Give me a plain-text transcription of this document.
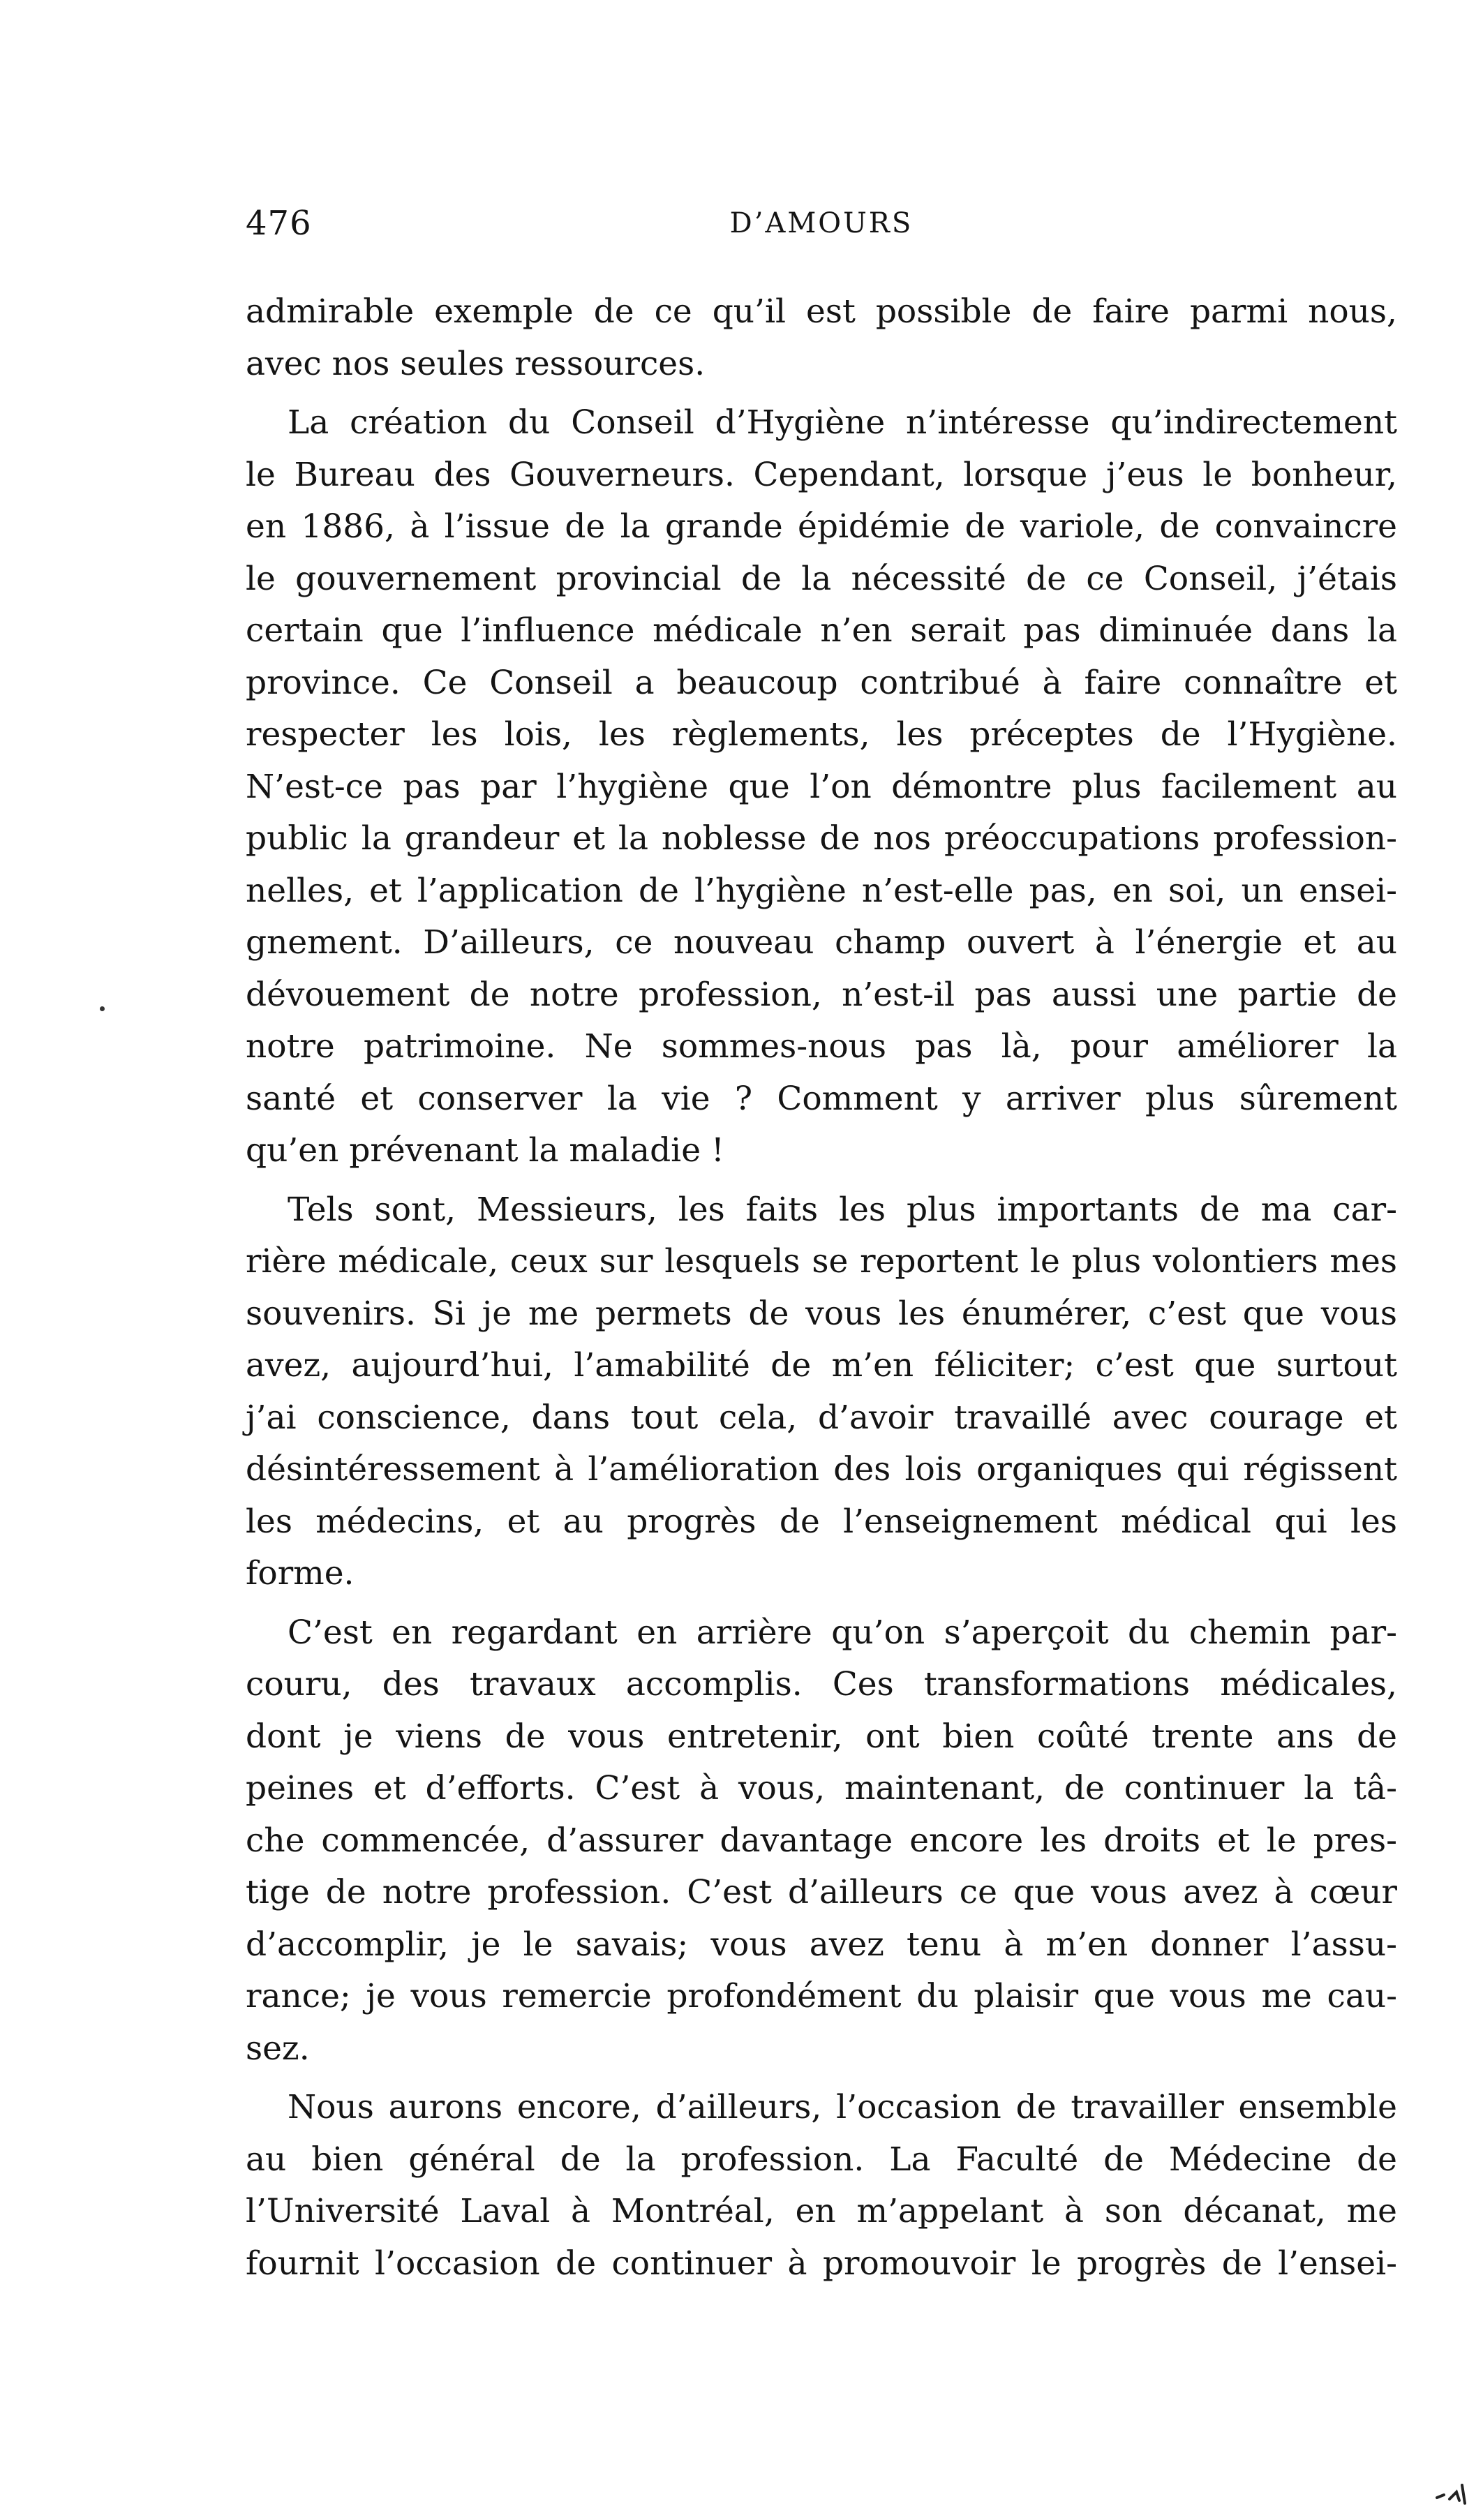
476	D’AMOURS

admirable exemple de ce qu’il est possible de faire parmi nous,
avec nos seules ressources.

La création du Conseil d’Hygiène n’intéresse qu’indirectement
le Bureau des Gouverneurs. Cependant, lorsque j’eus le bonheur,
en 1886, à l’issue de la grande épidémie de variole, de convaincre
le gouvernement provincial de la nécessité de ce Conseil, j’étais
certain que l’influence médicale n’en serait pas diminuée dans la
province. Ce Conseil a beaucoup contribué à faire connaître et
respecter les lois, les règlements, les préceptes de l’Hygiène.
N’est-ce pas par l’hygiène que l’on démontre plus facilement au
public la grandeur et la noblesse de nos préoccupations profession-
nelles, et l’application de l’hygiène n’est-elle pas, en soi, un ensei-
gnement. D’ailleurs, ce nouveau champ ouvert à l’énergie et au
dévouement de notre profession, n’est-il pas aussi une partie de
notre patrimoine. Ne sommes-nous pas là, pour améliorer la
santé et conserver la vie ? Comment y arriver plus sûrement
qu’en prévenant la maladie !

Tels sont, Messieurs, les faits les plus importants de ma car-
rière médicale, ceux sur lesquels se reportent le plus volontiers mes
souvenirs. Si je me permets de vous les énumérer, c’est que vous
avez, aujourd’hui, l’amabilité de m’en féliciter; c’est que surtout
j’ai conscience, dans tout cela, d’avoir travaillé avec courage et
désintéressement à l’amélioration des lois organiques qui régissent
les médecins, et au progrès de l’enseignement médical qui les
forme.

C’est en regardant en arrière qu’on s’aperçoit du chemin par-
couru, des travaux accomplis. Ces transformations médicales,
dont je viens de vous entretenir, ont bien coûté trente ans de
peines et d’efforts. C’est à vous, maintenant, de continuer la tâ-
che commencée, d’assurer davantage encore les droits et le pres-
tige de notre profession. C’est d’ailleurs ce que vous avez à cœur
d’accomplir, je le savais; vous avez tenu à m’en donner l’assu-
rance; je vous remercie profondément du plaisir que vous me cau-
sez.

Nous aurons encore, d’ailleurs, l’occasion de travailler ensemble
au bien général de la profession. La Faculté de Médecine de
l’Université Laval à Montréal, en m’appelant à son décanat, me
fournit l’occasion de continuer à promouvoir le progrès de l’ensei-
